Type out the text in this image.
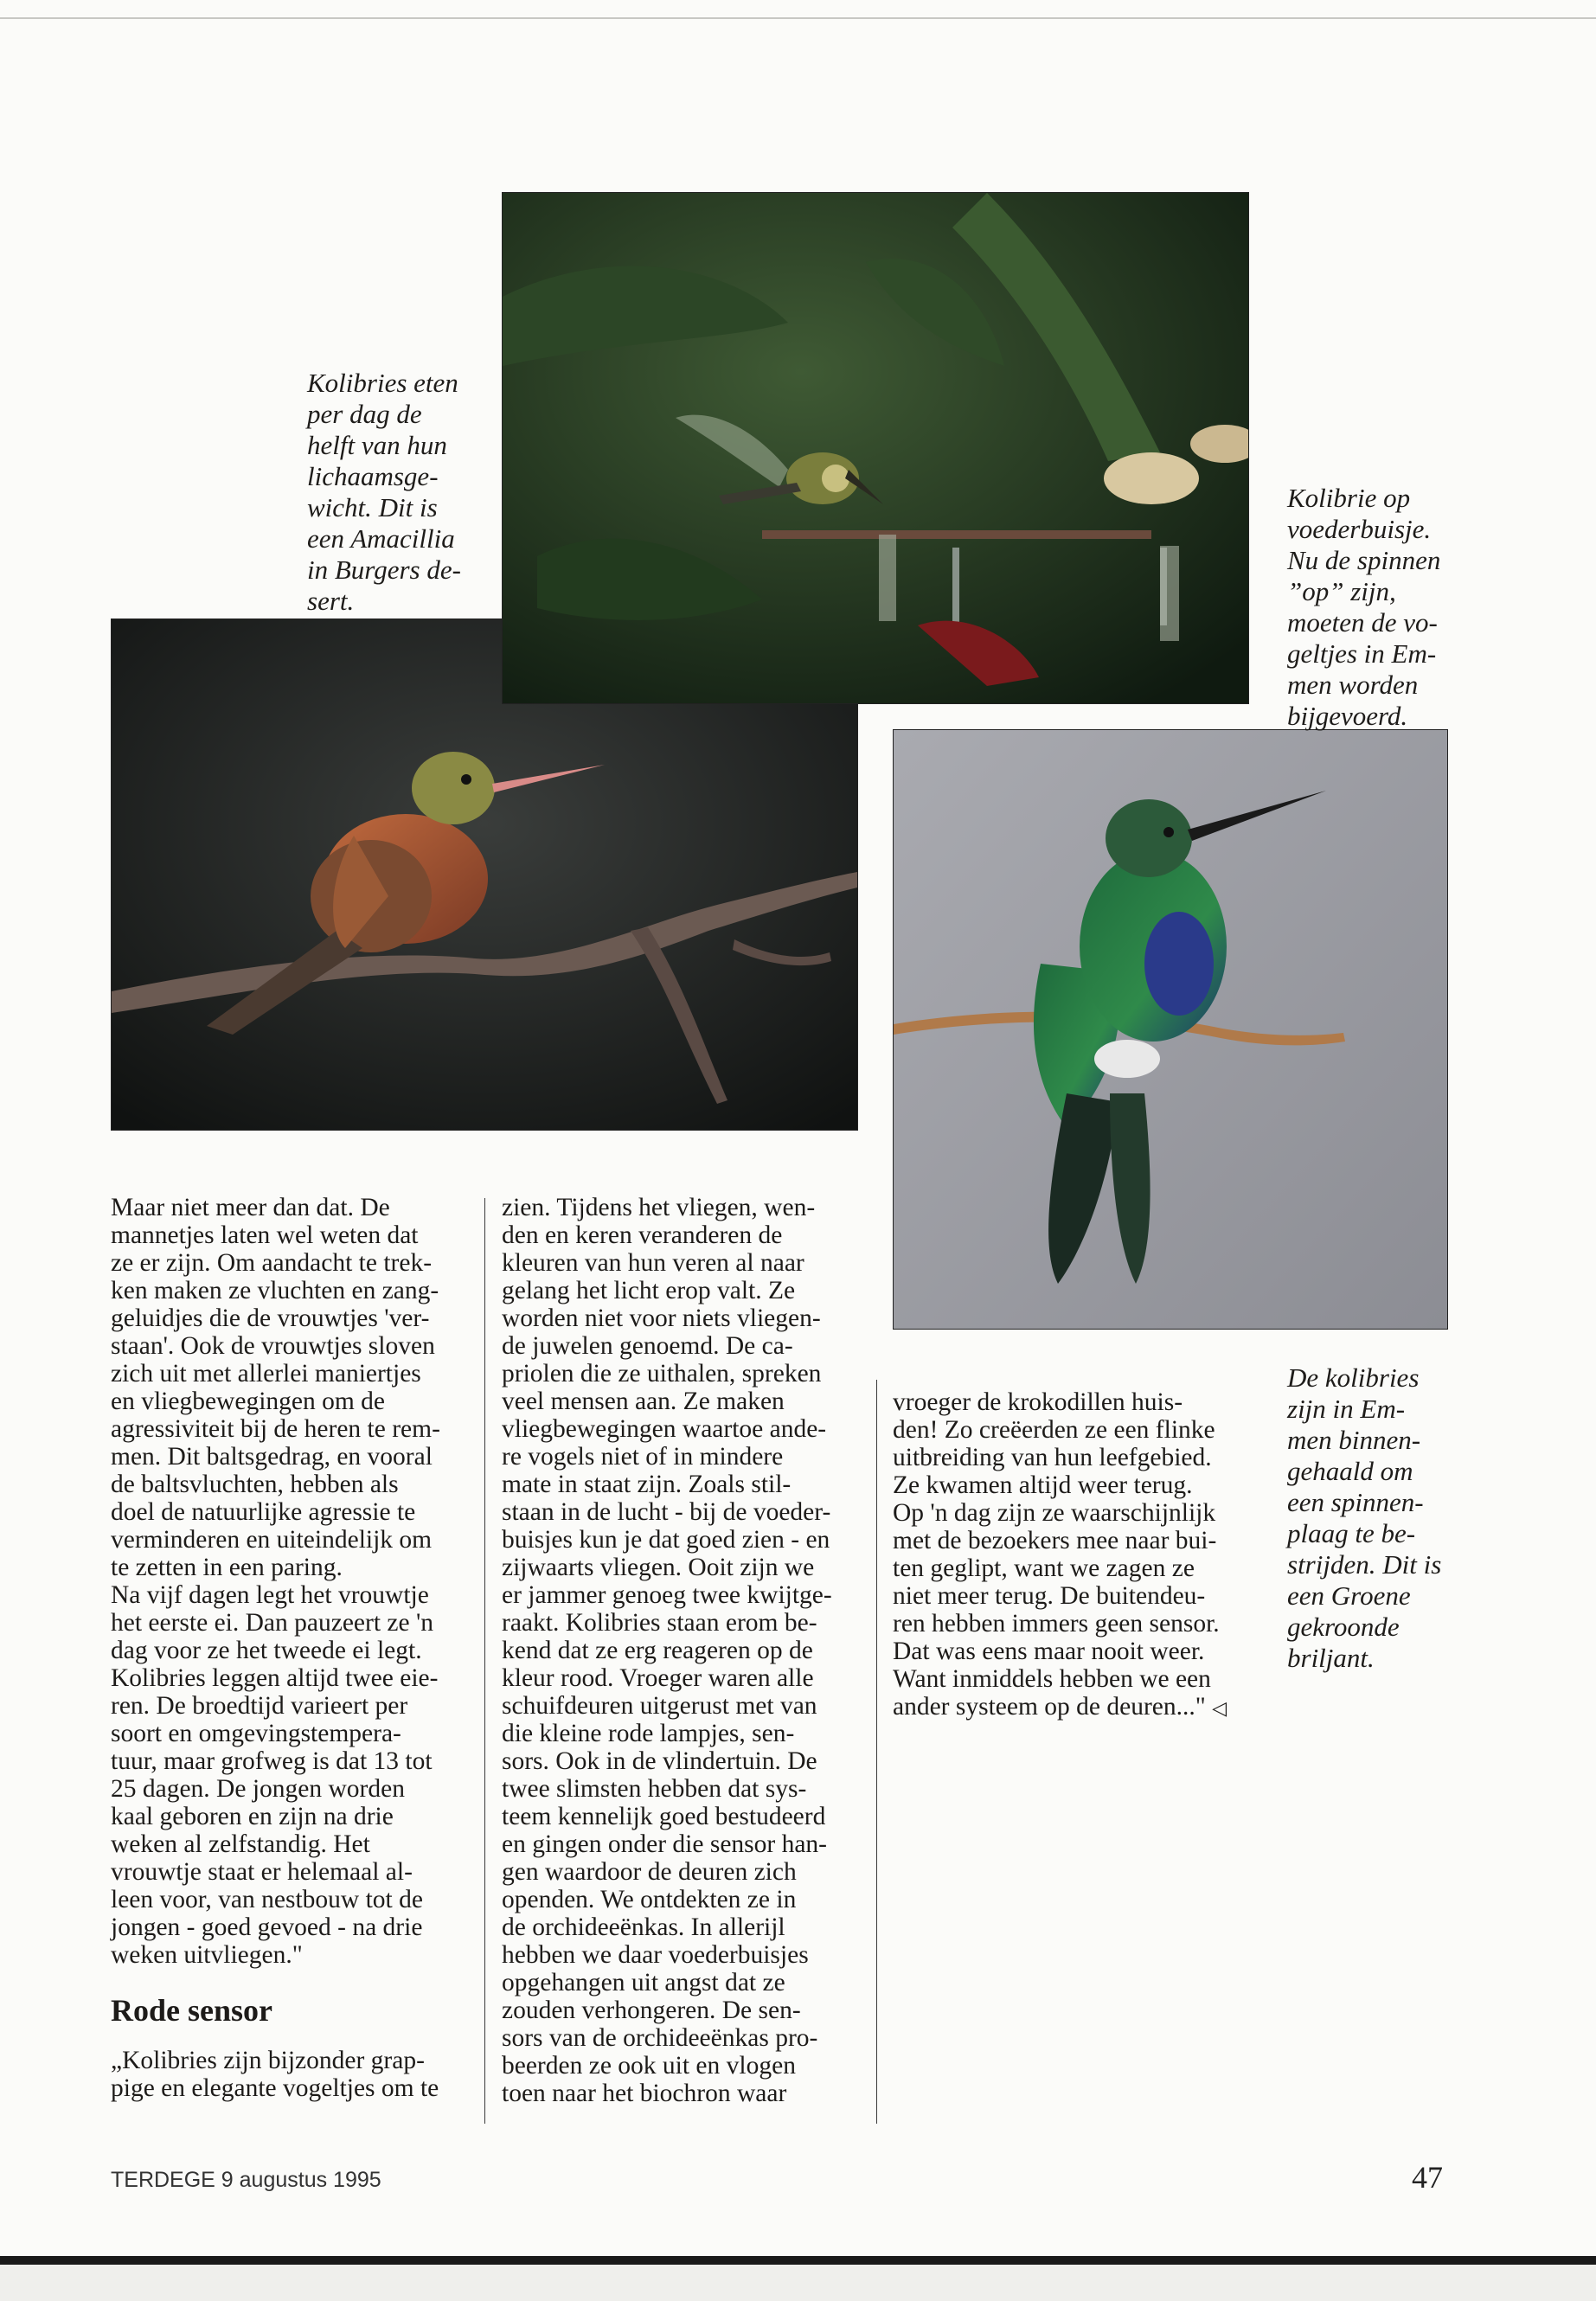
Kolibries eten
per dag de
helft van hun
lichaamsge-
wicht. Dit is
een Amacillia
in Burgers de-
sert.
Kolibrie op
voederbuisje.
Nu de spinnen
”op” zijn,
moeten de vo-
geltjes in Em-
men worden
bijgevoerd.
De kolibries
zijn in Em-
men binnen-
gehaald om
een spinnen-
plaag te be-
strijden. Dit is
een Groene
gekroonde
briljant.

Maar niet meer dan dat. De
mannetjes laten wel weten dat
ze er zijn. Om aandacht te trek-
ken maken ze vluchten en zang-
geluidjes die de vrouwtjes 'ver-
staan'. Ook de vrouwtjes sloven
zich uit met allerlei maniertjes
en vliegbewegingen om de
agressiviteit bij de heren te rem-
men. Dit baltsgedrag, en vooral
de baltsvluchten, hebben als
doel de natuurlijke agressie te
verminderen en uiteindelijk om
te zetten in een paring.
Na vijf dagen legt het vrouwtje
het eerste ei. Dan pauzeert ze 'n
dag voor ze het tweede ei legt.
Kolibries leggen altijd twee eie-
ren. De broedtijd varieert per
soort en omgevingstempera-
tuur, maar grofweg is dat 13 tot
25 dagen. De jongen worden
kaal geboren en zijn na drie
weken al zelfstandig. Het
vrouwtje staat er helemaal al-
leen voor, van nestbouw tot de
jongen - goed gevoed - na drie
weken uitvliegen."

Rode sensor

„Kolibries zijn bijzonder grap-
pige en elegante vogeltjes om te

zien. Tijdens het vliegen, wen-
den en keren veranderen de
kleuren van hun veren al naar
gelang het licht erop valt. Ze
worden niet voor niets vliegen-
de juwelen genoemd. De ca-
priolen die ze uithalen, spreken
veel mensen aan. Ze maken
vliegbewegingen waartoe ande-
re vogels niet of in mindere
mate in staat zijn. Zoals stil-
staan in de lucht - bij de voeder-
buisjes kun je dat goed zien - en
zijwaarts vliegen. Ooit zijn we
er jammer genoeg twee kwijtge-
raakt. Kolibries staan erom be-
kend dat ze erg reageren op de
kleur rood. Vroeger waren alle
schuifdeuren uitgerust met van
die kleine rode lampjes, sen-
sors. Ook in de vlindertuin. De
twee slimsten hebben dat sys-
teem kennelijk goed bestudeerd
en gingen onder die sensor han-
gen waardoor de deuren zich
openden. We ontdekten ze in
de orchideeënkas. In allerijl
hebben we daar voederbuisjes
opgehangen uit angst dat ze
zouden verhongeren. De sen-
sors van de orchideeënkas pro-
beerden ze ook uit en vlogen
toen naar het biochron waar

vroeger de krokodillen huis-
den! Zo creëerden ze een flinke
uitbreiding van hun leefgebied.
Ze kwamen altijd weer terug.
Op 'n dag zijn ze waarschijnlijk
met de bezoekers mee naar bui-
ten geglipt, want we zagen ze
niet meer terug. De buitendeu-
ren hebben immers geen sensor.
Dat was eens maar nooit weer.
Want inmiddels hebben we een
ander systeem op de deuren..." ◁

TERDEGE 9 augustus 1995	47
